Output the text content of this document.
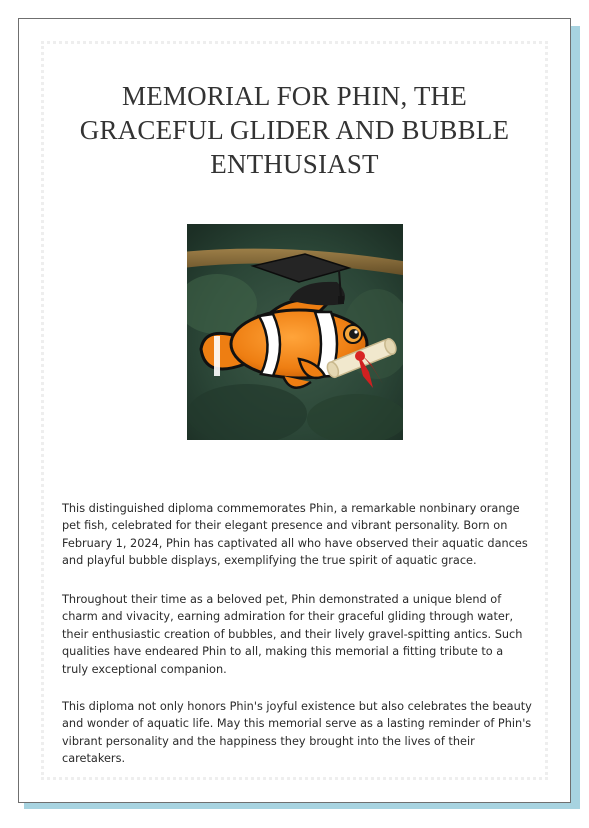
MEMORIAL FOR PHIN, THE GRACEFUL GLIDER AND BUBBLE ENTHUSIAST

This distinguished diploma commemorates Phin, a remarkable nonbinary orange pet fish, celebrated for their elegant presence and vibrant personality. Born on February 1, 2024, Phin has captivated all who have observed their aquatic dances and playful bubble displays, exemplifying the true spirit of aquatic grace.

Throughout their time as a beloved pet, Phin demonstrated a unique blend of charm and vivacity, earning admiration for their graceful gliding through water, their enthusiastic creation of bubbles, and their lively gravel-spitting antics. Such qualities have endeared Phin to all, making this memorial a fitting tribute to a truly exceptional companion.

This diploma not only honors Phin's joyful existence but also celebrates the beauty and wonder of aquatic life. May this memorial serve as a lasting reminder of Phin's vibrant personality and the happiness they brought into the lives of their caretakers.
